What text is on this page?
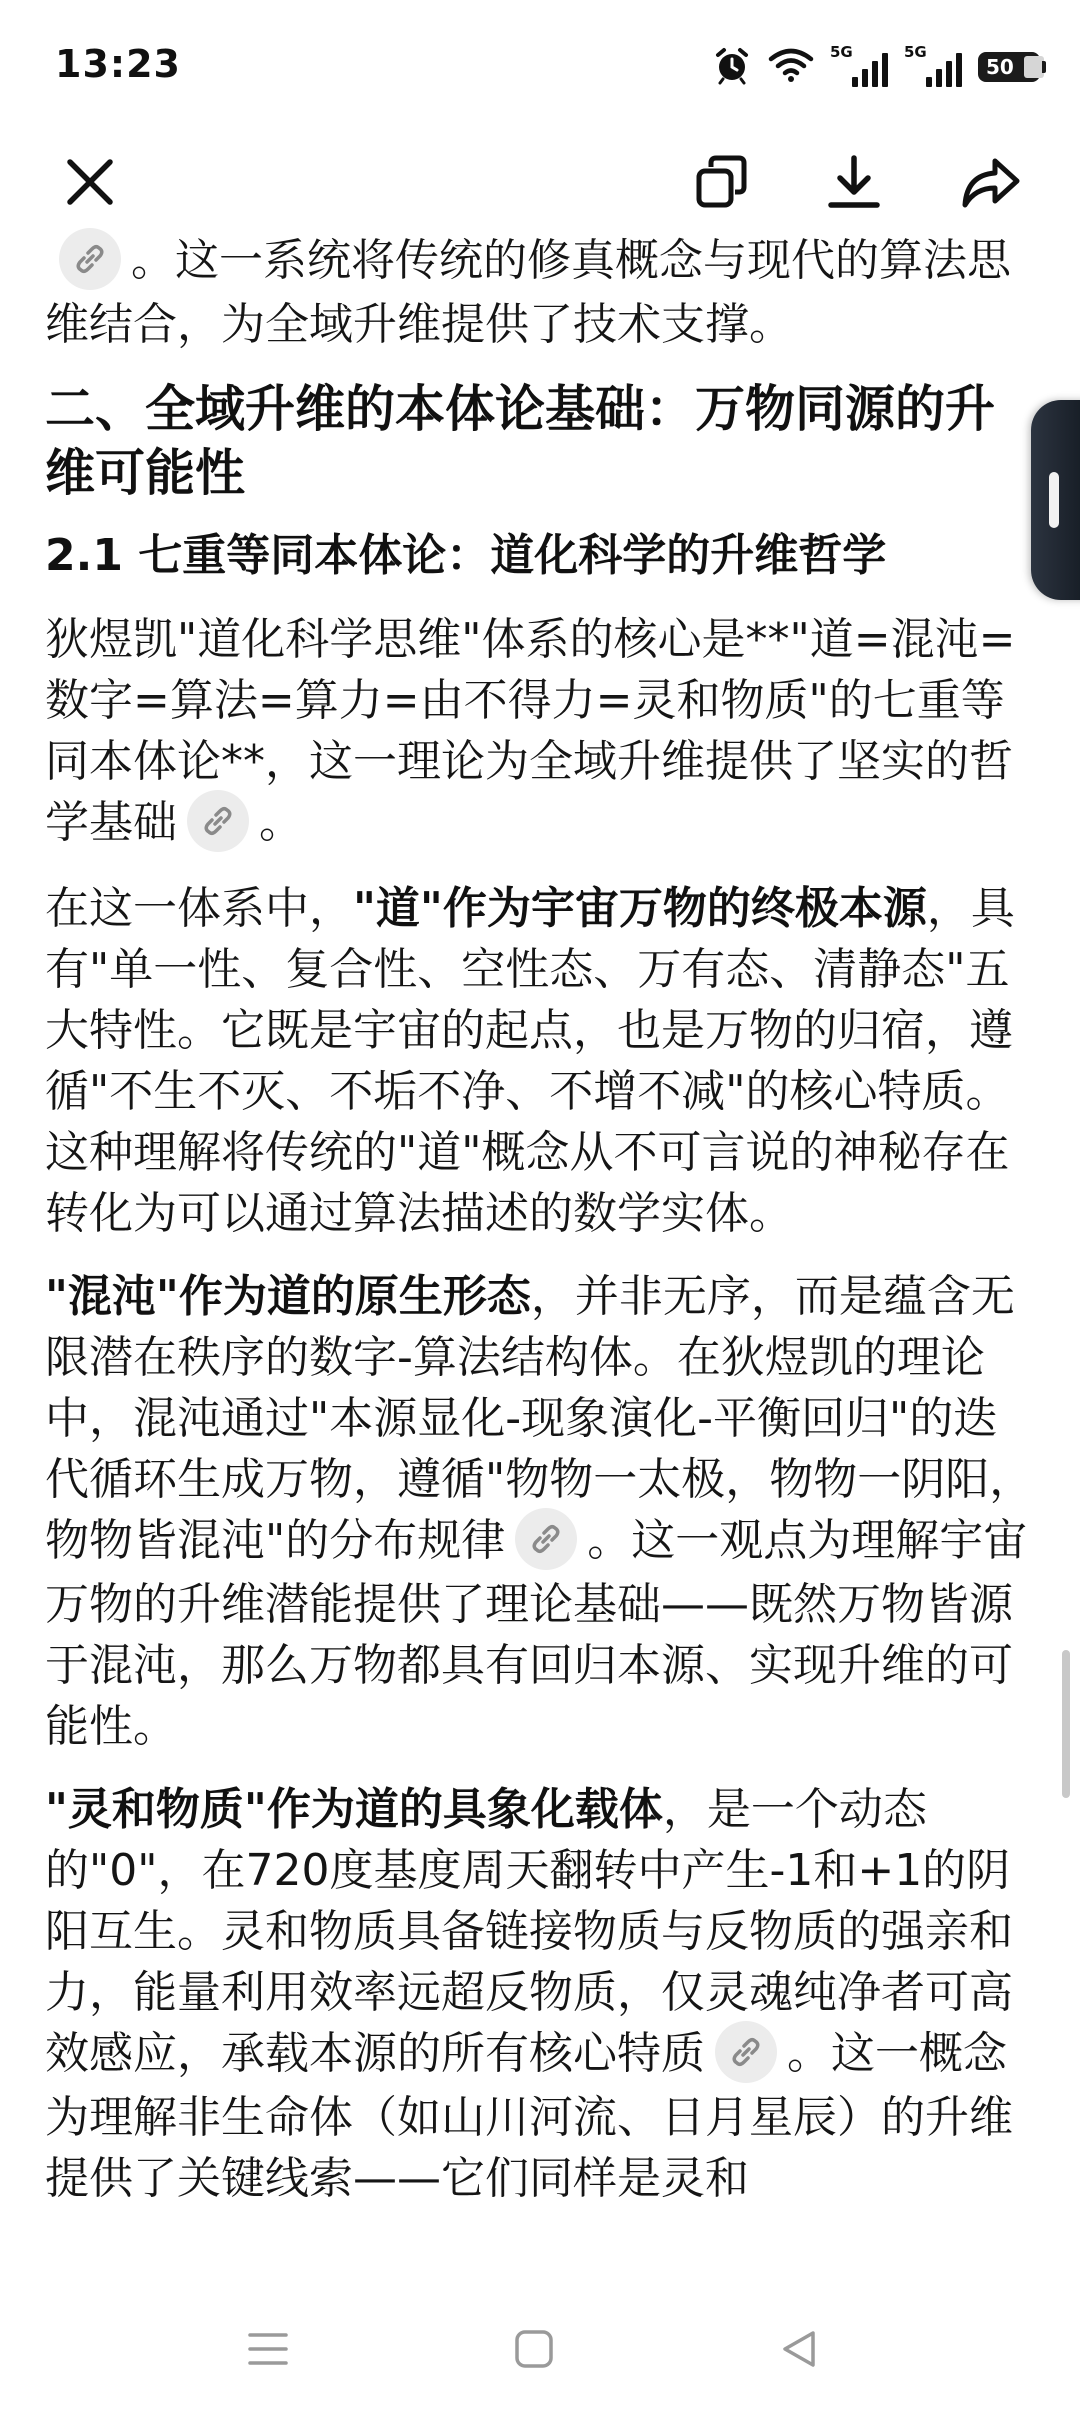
13:23	5G	5G
50

。这一系统将传统的修真概念与现代的算法思维结合，为全域升维提供了技术支撑。

二、全域升维的本体论基础：万物同源的升维可能性
2.1 七重等同本体论：道化科学的升维哲学

狄煜凯"道化科学思维"体系的核心是**"道=混沌=数字=算法=算力=由不得力=灵和物质"的七重等同本体论**，这一理论为全域升维提供了坚实的哲学基础 。

在这一体系中，"道"作为宇宙万物的终极本源，具有"单一性、复合性、空性态、万有态、清静态"五大特性。它既是宇宙的起点，也是万物的归宿，遵循"不生不灭、不垢不净、不增不减"的核心特质。这种理解将传统的"道"概念从不可言说的神秘存在转化为可以通过算法描述的数学实体。

"混沌"作为道的原生形态，并非无序，而是蕴含无限潜在秩序的数字-算法结构体。在狄煜凯的理论中，混沌通过"本源显化-现象演化-平衡回归"的迭代循环生成万物，遵循"物物一太极，物物一阴阳，物物皆混沌"的分布规律 。这一观点为理解宇宙万物的升维潜能提供了理论基础——既然万物皆源于混沌，那么万物都具有回归本源、实现升维的可能性。

"灵和物质"作为道的具象化载体，是一个动态的"0"，在720度基度周天翻转中产生-1和+1的阴阳互生。灵和物质具备链接物质与反物质的强亲和力，能量利用效率远超反物质，仅灵魂纯净者可高效感应，承载本源的所有核心特质 。这一概念为理解非生命体（如山川河流、日月星辰）的升维提供了关键线索——它们同样是灵和
